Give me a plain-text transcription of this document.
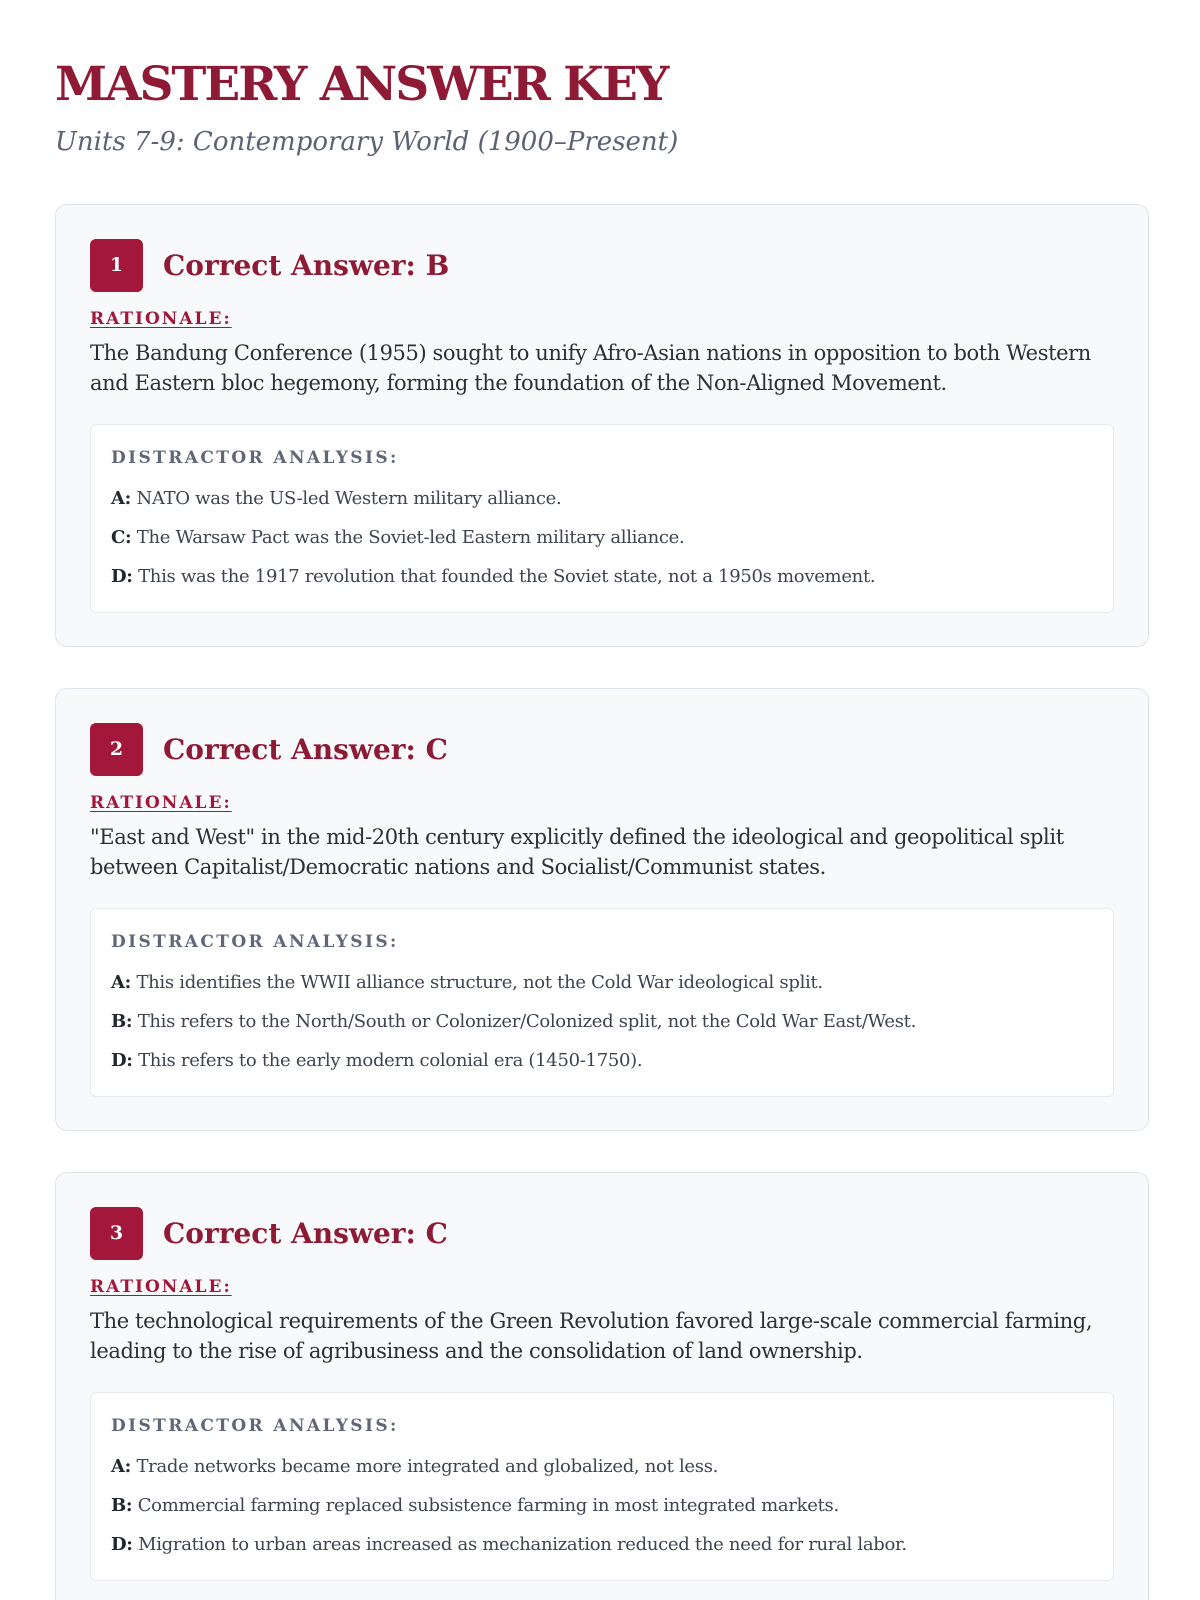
MASTERY ANSWER KEY
Units 7-9: Contemporary World (1900–Present)
1	Correct Answer: B
RATIONALE:
The Bandung Conference (1955) sought to unify Afro-Asian nations in opposition to both Western and Eastern bloc hegemony, forming the foundation of the Non-Aligned Movement.
DISTRACTOR ANALYSIS:
A: NATO was the US-led Western military alliance.
C: The Warsaw Pact was the Soviet-led Eastern military alliance.
D: This was the 1917 revolution that founded the Soviet state, not a 1950s movement.
2	Correct Answer: C
RATIONALE:
"East and West" in the mid-20th century explicitly defined the ideological and geopolitical split between Capitalist/Democratic nations and Socialist/Communist states.
DISTRACTOR ANALYSIS:
A: This identifies the WWII alliance structure, not the Cold War ideological split.
B: This refers to the North/South or Colonizer/Colonized split, not the Cold War East/West.
D: This refers to the early modern colonial era (1450-1750).
3	Correct Answer: C
RATIONALE:
The technological requirements of the Green Revolution favored large-scale commercial farming, leading to the rise of agribusiness and the consolidation of land ownership.
DISTRACTOR ANALYSIS:
A: Trade networks became more integrated and globalized, not less.
B: Commercial farming replaced subsistence farming in most integrated markets.
D: Migration to urban areas increased as mechanization reduced the need for rural labor.
